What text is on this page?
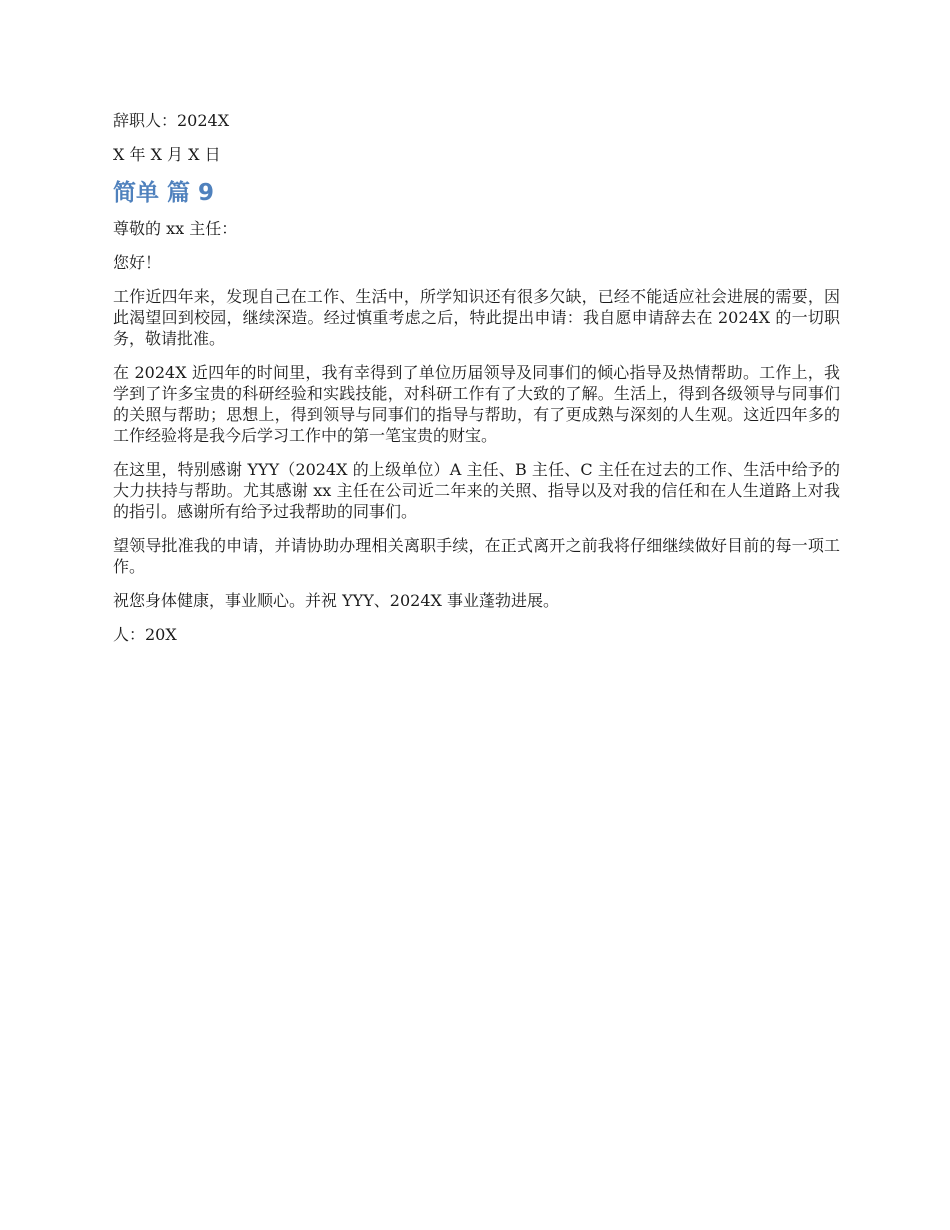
辞职人：2024X

X 年 X 月 X 日

简单 篇 9

尊敬的 xx 主任：

您好！

工作近四年来，发现自己在工作、生活中，所学知识还有很多欠缺，已经不能适应社会进展的需要，因此渴望回到校园，继续深造。经过慎重考虑之后，特此提出申请：我自愿申请辞去在 2024X 的一切职务，敬请批准。

在 2024X 近四年的时间里，我有幸得到了单位历届领导及同事们的倾心指导及热情帮助。工作上，我学到了许多宝贵的科研经验和实践技能，对科研工作有了大致的了解。生活上，得到各级领导与同事们的关照与帮助；思想上，得到领导与同事们的指导与帮助，有了更成熟与深刻的人生观。这近四年多的工作经验将是我今后学习工作中的第一笔宝贵的财宝。

在这里，特别感谢 YYY（2024X 的上级单位）A 主任、B 主任、C 主任在过去的工作、生活中给予的大力扶持与帮助。尤其感谢 xx 主任在公司近二年来的关照、指导以及对我的信任和在人生道路上对我的指引。感谢所有给予过我帮助的同事们。

望领导批准我的申请，并请协助办理相关离职手续，在正式离开之前我将仔细继续做好目前的每一项工作。

祝您身体健康，事业顺心。并祝 YYY、2024X 事业蓬勃进展。

人：20X
